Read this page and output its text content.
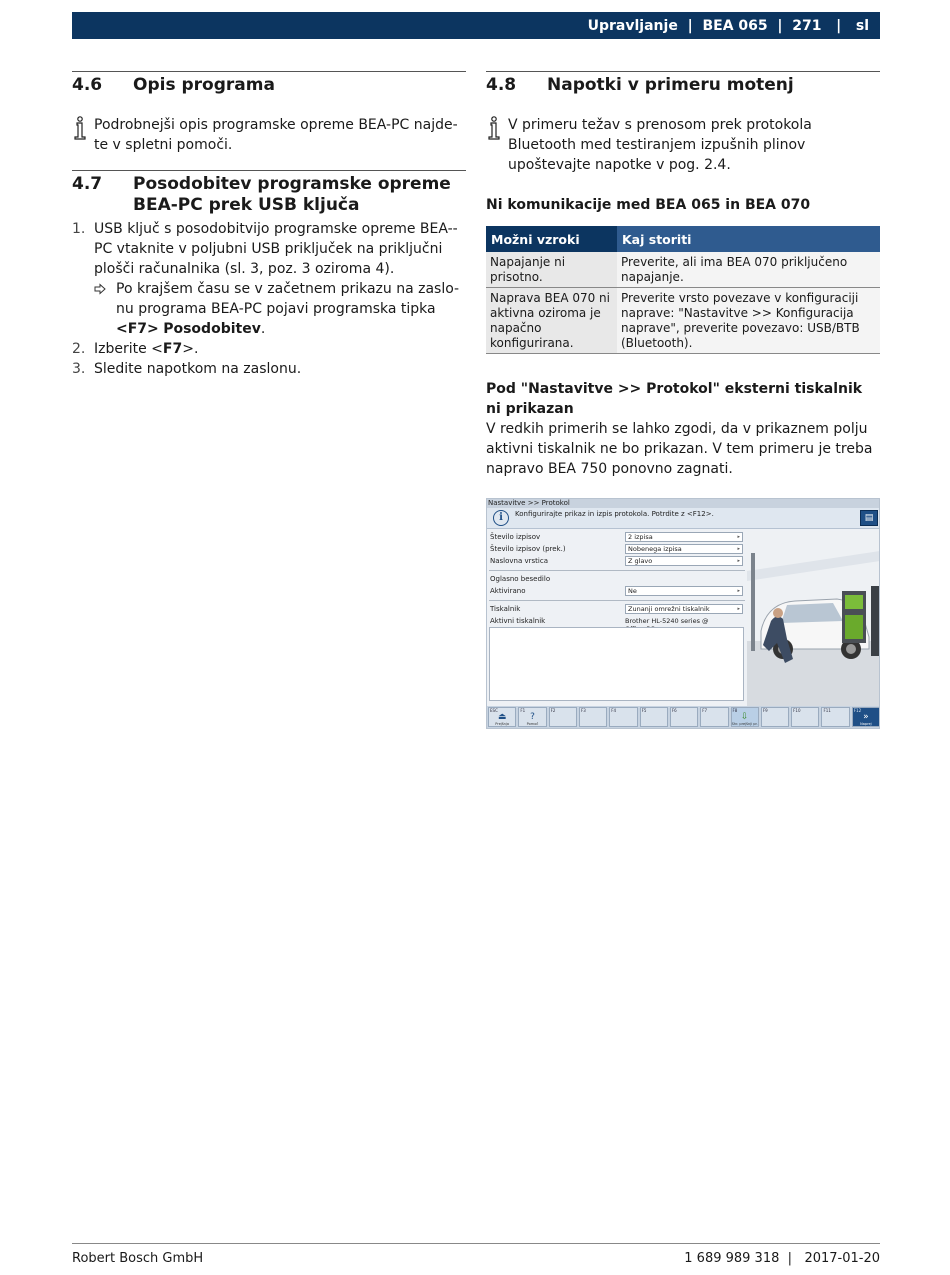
Upravljanje
|
BEA 065
|
271
|
sl
4.6	Opis programa
Podrobnejši opis programske opreme BEA-PC najde-te v spletni pomoči.
4.7	Posodobitev programske opreme BEA-PC prek USB ključa
1. USB ključ s posodobitvijo programske opreme BEA--PC vtaknite v poljubni USB priključek na priključni plošči računalnika (sl. 3, poz. 3 oziroma 4).
Po krajšem času se v začetnem prikazu na zaslo-nu programa BEA-PC pojavi programska tipka <F7> Posodobitev.
2. Izberite <F7>.
3. Sledite napotkom na zaslonu.
4.8	Napotki v primeru motenj
V primeru težav s prenosom prek protokola Bluetooth med testiranjem izpušnih plinov upoštevajte napotke v pog. 2.4.
Ni komunikacije med BEA 065 in BEA 070
Možni vzroki	Kaj storiti
Napajanje ni prisotno.	Preverite, ali ima BEA 070 priključeno napajanje.
Naprava BEA 070 ni aktivna oziroma je napačno konfigurirana.	Preverite vrsto povezave v konfiguraciji naprave: "Nastavitve >> Konfiguracija naprave", preverite povezavo: USB/BTB (Bluetooth).
Pod "Nastavitve >> Protokol" eksterni tiskalnik ni prikazan
V redkih primerih se lahko zgodi, da v prikaznem polju aktivni tiskalnik ne bo prikazan. V tem primeru je treba napravo BEA 750 ponovno zagnati.
Nastavitve >> Protokol
i	Konfigurirajte prikaz in izpis protokola. Potrdite z <F12>.	▤
Število izpisov	2 izpisa ▸
Število izpisov (prek.)	Nobenega izpisa ▸
Naslovna vrstica	Z glavo ▸
Oglasno besedilo
Aktivirano	Ne ▸
Tiskalnik	Zunanji omrežni tiskalnik ▸
Aktivni tiskalnik	Brother HL-5240 series @
ESC
⏏
Prejšnja
F1
?
Pomoč
F2	F3	F4	F5	F6	F7	F8
⇩
Shr. prejšnji pr.
F9	F10	F11	F12
»
Naprej
Robert Bosch GmbH	1 689 989 318 | 2017-01-20
